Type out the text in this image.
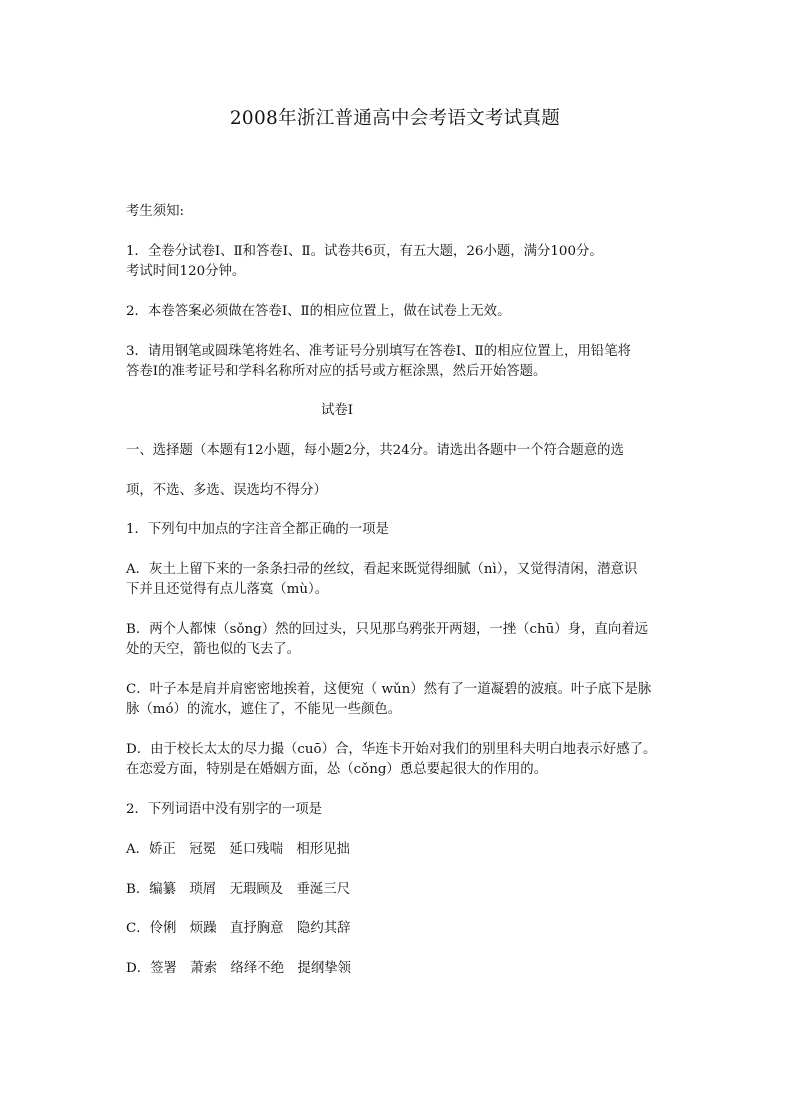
2008年浙江普通高中会考语文考试真题
考生须知:
1．全卷分试卷Ⅰ、Ⅱ和答卷Ⅰ、Ⅱ。试卷共6页，有五大题，26小题，满分100分。
考试时间120分钟。
2．本卷答案必须做在答卷Ⅰ、Ⅱ的相应位置上，做在试卷上无效。
3．请用钢笔或圆珠笔将姓名、准考证号分别填写在答卷Ⅰ、Ⅱ的相应位置上，用铅笔将
答卷Ⅰ的准考证号和学科名称所对应的括号或方框涂黑，然后开始答题。
试卷Ⅰ
一、选择题（本题有12小题，每小题2分，共24分。请选出各题中一个符合题意的选
项，不选、多选、误选均不得分）
1．下列句中加点的字注音全都正确的一项是
A．灰土上留下来的一条条扫帚的丝纹，看起来既觉得细腻（nì），又觉得清闲，潜意识
下并且还觉得有点儿落寞（mù）。
B．两个人都悚（sǒng）然的回过头，只见那乌鸦张开两翅，一挫（chū）身，直向着远
处的天空，箭也似的飞去了。
C．叶子本是肩并肩密密地挨着，这便宛（ wǔn）然有了一道凝碧的波痕。叶子底下是脉
脉（mó）的流水，遮住了，不能见一些颜色。
D．由于校长太太的尽力撮（cuō）合，华连卡开始对我们的别里科夫明白地表示好感了。
在恋爱方面，特别是在婚姻方面，怂（cǒng）恿总要起很大的作用的。
2．下列词语中没有别字的一项是
A．娇正　冠冕　延口残喘　相形见拙
B．编纂　琐屑　无瑕顾及　垂涎三尺
C．伶俐　烦躁　直抒胸意　隐约其辞
D．签署　萧索　络绎不绝　提纲挚领
